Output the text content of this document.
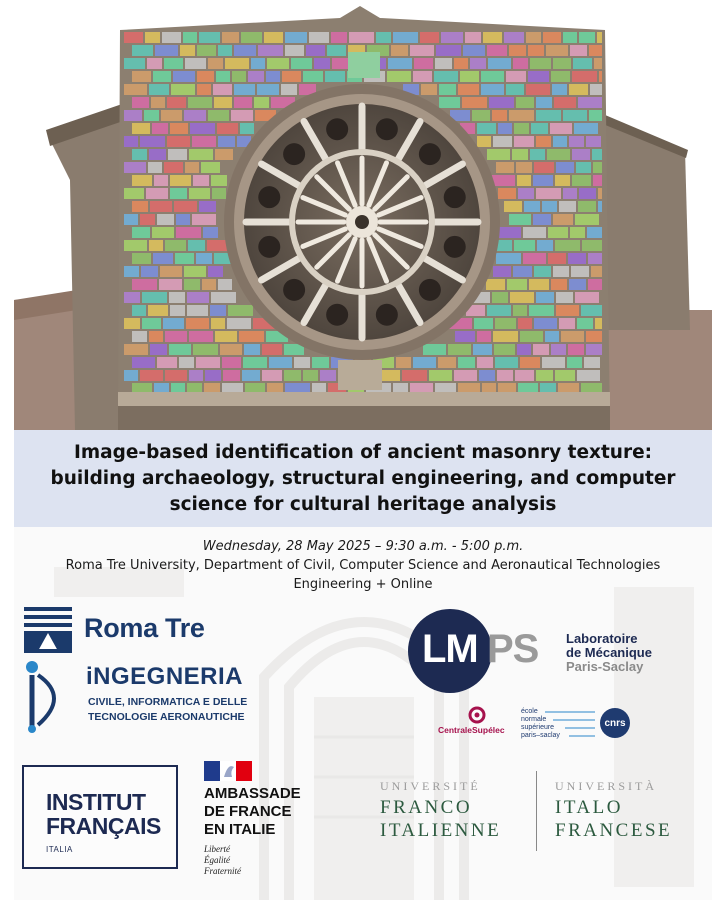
Image-based identification of ancient masonry texture:
building archaeology, structural engineering, and computer
science for cultural heritage analysis
Wednesday, 28 May 2025 – 9:30 a.m. - 5:00 p.m.
Roma Tre University, Department of Civil, Computer Science and Aeronautical Technologies
Engineering + Online
Roma Tre
iNGEGNERIA
CIVILE, INFORMATICA E DELLE
TECNOLOGIE AERONAUTICHE
LM PS Laboratoire
de Mécanique
Paris-Saclay
CentraleSupélec
école
normale
supérieure
paris–saclay
cnrs
INSTITUT
FRANÇAIS
ITALIA
AMBASSADE
DE FRANCE
EN ITALIE
Liberté
Égalité
Fraternité
UNIVERSITÉ
FRANCO
ITALIENNE
UNIVERSITÀ
ITALO
FRANCESE
